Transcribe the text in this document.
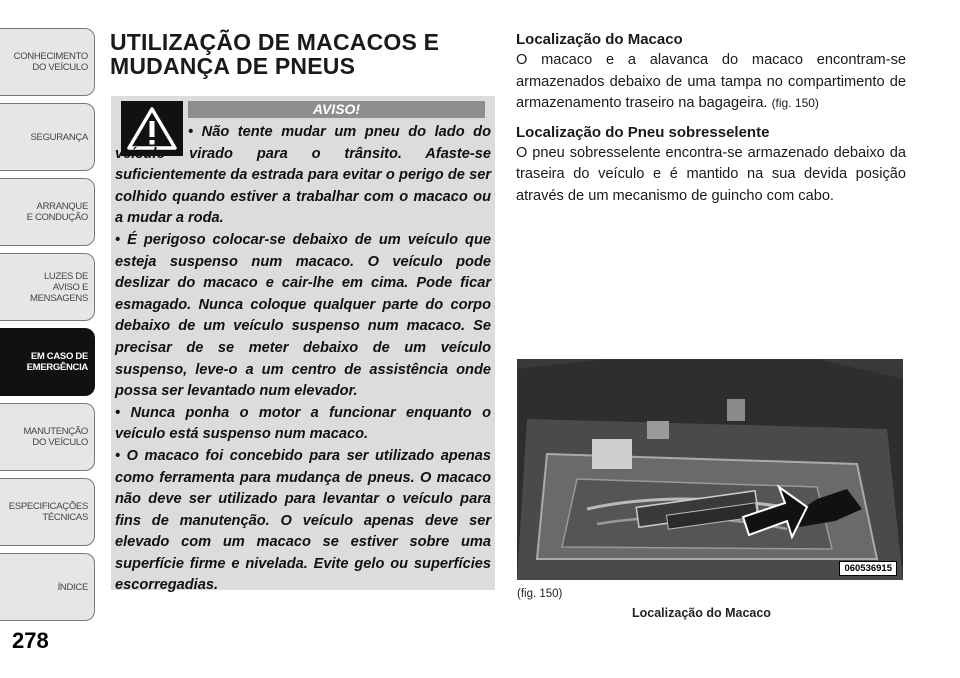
CONHECIMENTO
DO VEÍCULO
SEGURANÇA
ARRANQUE
E CONDUÇÃO
LUZES DE
AVISO E
MENSAGENS
EM CASO DE
EMERGÊNCIA
MANUTENÇÃO
DO VEÍCULO
ESPECIFICAÇÕES
TÉCNICAS
ÍNDICE
278
UTILIZAÇÃO DE MACACOS E MUDANÇA DE PNEUS
AVISO!

• Não tente mudar um pneu do lado do veículo virado para o trânsito. Afaste-se suficientemente da estrada para evitar o perigo de ser colhido quando estiver a trabalhar com o macaco ou a mudar a roda.

• É perigoso colocar-se debaixo de um veículo que esteja suspenso num macaco. O veículo pode deslizar do macaco e cair-lhe em cima. Pode ficar esmagado. Nunca coloque qualquer parte do corpo debaixo de um veículo suspenso num macaco. Se precisar de se meter debaixo de um veículo suspenso, leve-o a um centro de assistência onde possa ser levantado num elevador.

• Nunca ponha o motor a funcionar enquanto o veículo está suspenso num macaco.

• O macaco foi concebido para ser utilizado apenas como ferramenta para mudança de pneus. O macaco não deve ser utilizado para levantar o veículo para fins de manutenção. O veículo apenas deve ser elevado com um macaco se estiver sobre uma superfície firme e nivelada. Evite gelo ou superfícies escorregadias.

Localização do Macaco

O macaco e a alavanca do macaco encontram-se armazenados debaixo de uma tampa no compartimento de armazenamento traseiro na bagageira. (fig. 150)

Localização do Pneu sobresselente

O pneu sobresselente encontra-se armazenado debaixo da traseira do veículo e é mantido na sua devida posição através de um mecanismo de guincho com cabo.

060536915
(fig. 150)
Localização do Macaco
